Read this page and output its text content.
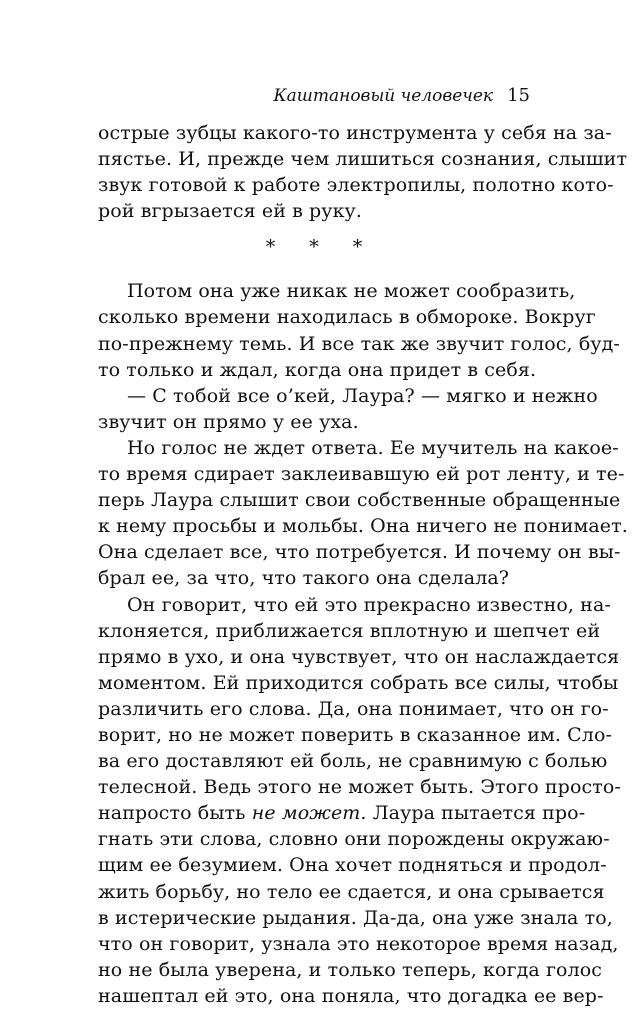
Каштановый человечек 15
острые зубцы какого-то инструмента у себя на за-
пястье. И, прежде чем лишиться сознания, слышит
звук готовой к работе электропилы, полотно кото-
рой вгрызается ей в руку.
* * *
Потом она уже никак не может сообразить,
сколько времени находилась в обмороке. Вокруг
по-прежнему темь. И все так же звучит голос, буд-
то только и ждал, когда она придет в себя.
— С тобой все о’кей, Лаура? — мягко и нежно
звучит он прямо у ее уха.
Но голос не ждет ответа. Ее мучитель на какое-
то время сдирает заклеивавшую ей рот ленту, и те-
перь Лаура слышит свои собственные обращенные
к нему просьбы и мольбы. Она ничего не понимает.
Она сделает все, что потребуется. И почему он вы-
брал ее, за что, что такого она сделала?
Он говорит, что ей это прекрасно известно, на-
клоняется, приближается вплотную и шепчет ей
прямо в ухо, и она чувствует, что он наслаждается
моментом. Ей приходится собрать все силы, чтобы
различить его слова. Да, она понимает, что он го-
ворит, но не может поверить в сказанное им. Сло-
ва его доставляют ей боль, не сравнимую с болью
телесной. Ведь этого не может быть. Этого просто-
напросто быть не может. Лаура пытается про-
гнать эти слова, словно они порождены окружаю-
щим ее безумием. Она хочет подняться и продол-
жить борьбу, но тело ее сдается, и она срывается
в истерические рыдания. Да-да, она уже знала то,
что он говорит, узнала это некоторое время назад,
но не была уверена, и только теперь, когда голос
нашептал ей это, она поняла, что догадка ее вер-
